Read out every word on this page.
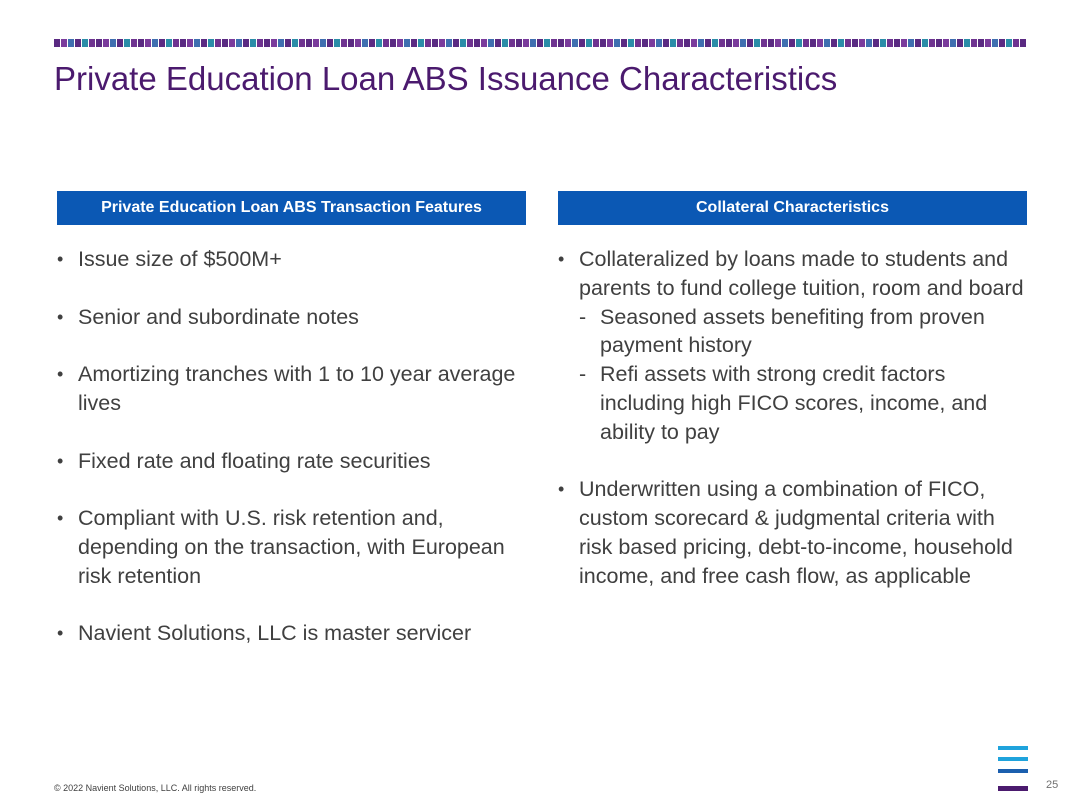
Private Education Loan ABS Issuance Characteristics
Private Education Loan ABS Transaction Features
• Issue size of $500M+
• Senior and subordinate notes
• Amortizing tranches with 1 to 10 year average lives
• Fixed rate and floating rate securities
• Compliant with U.S. risk retention and, depending on the transaction, with European risk retention
• Navient Solutions, LLC is master servicer
Collateral Characteristics
• Collateralized by loans made to students and parents to fund college tuition, room and board
- Seasoned assets benefiting from proven payment history
- Refi assets with strong credit factors including high FICO scores, income, and ability to pay
• Underwritten using a combination of FICO, custom scorecard & judgmental criteria with risk based pricing, debt-to-income, household income, and free cash flow, as applicable
© 2022 Navient Solutions, LLC. All rights reserved.	25
